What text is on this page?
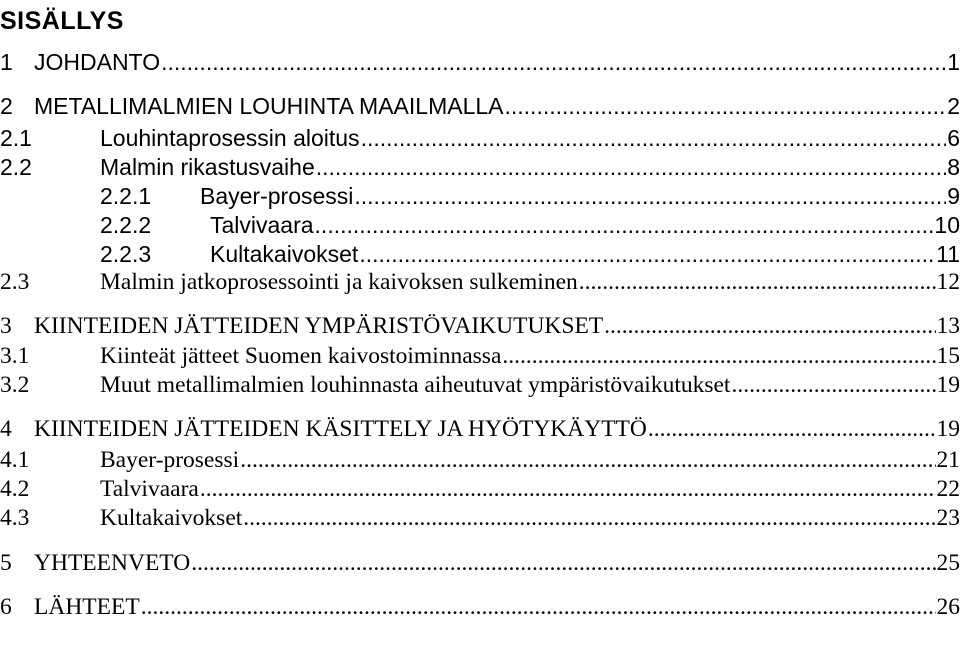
SISÄLLYS
1 JOHDANTO .....	1
2 METALLIMALMIEN LOUHINTA MAAILMALLA .....	2
2.1	Louhintaprosessin aloitus .....	6
2.2	Malmin rikastusvaihe .....	8
2.2.1	Bayer-prosessi .....	9
2.2.2	Talvivaara .....	10
2.2.3	Kultakaivokset .....	11
2.3	Malmin jatkoprosessointi ja kaivoksen sulkeminen .....	12
3 KIINTEIDEN JÄTTEIDEN YMPÄRISTÖVAIKUTUKSET .....	13
3.1	Kiinteät jätteet Suomen kaivostoiminnassa .....	15
3.2	Muut metallimalmien louhinnasta aiheutuvat ympäristövaikutukset .....	19
4 KIINTEIDEN JÄTTEIDEN KÄSITTELY JA HYÖTYKÄYTTÖ .....	19
4.1	Bayer-prosessi .....	21
4.2	Talvivaara .....	22
4.3	Kultakaivokset .....	23
5 YHTEENVETO .....	25
6 LÄHTEET .....	26
